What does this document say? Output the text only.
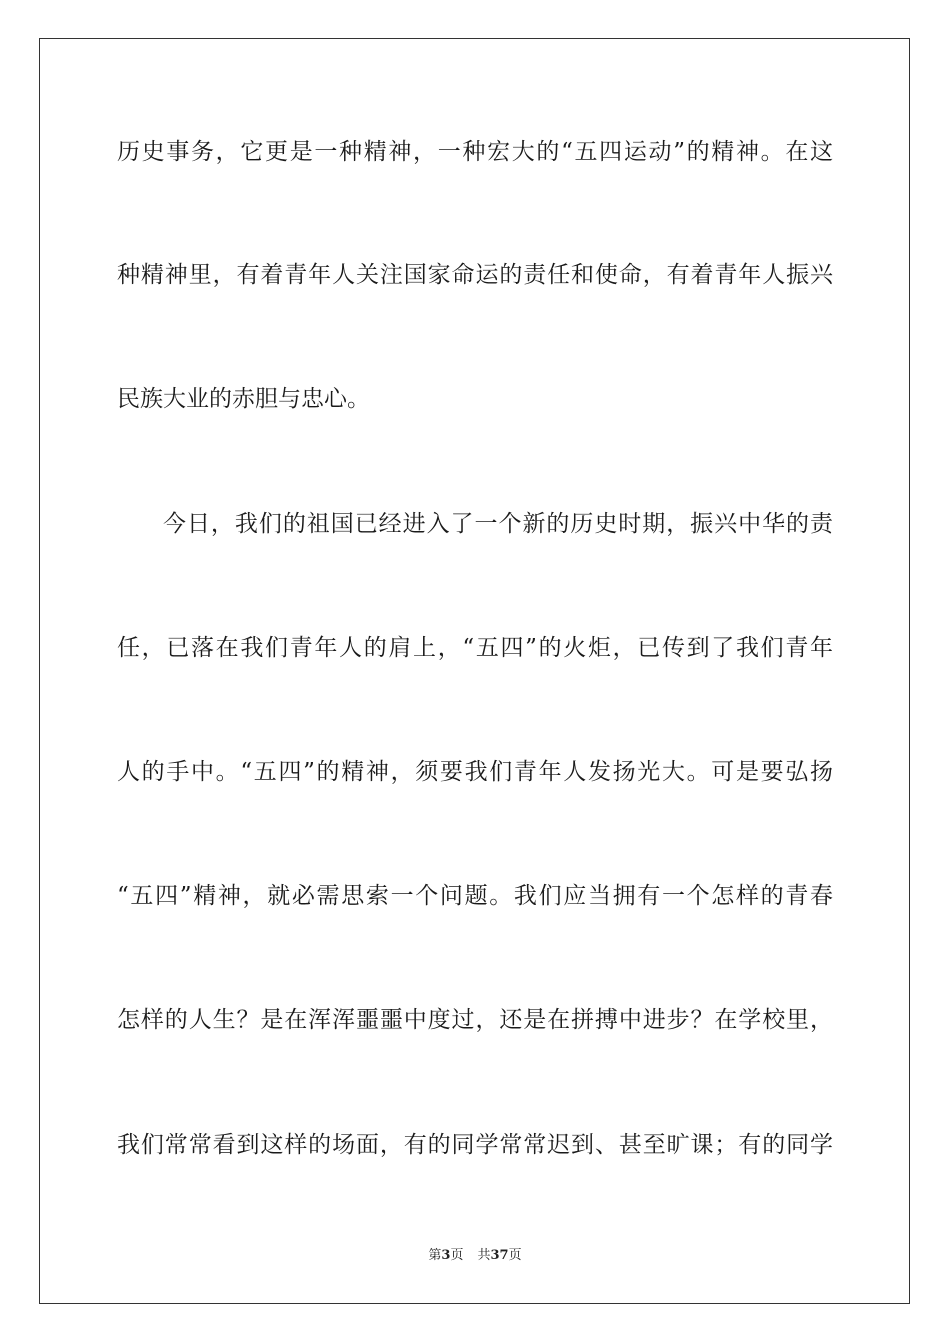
历史事务，它更是一种精神，一种宏大的“五四运动”的精神。在这
种精神里，有着青年人关注国家命运的责任和使命，有着青年人振兴
民族大业的赤胆与忠心。
今日，我们的祖国已经进入了一个新的历史时期，振兴中华的责
任，已落在我们青年人的肩上，“五四”的火炬，已传到了我们青年
人的手中。“五四”的精神，须要我们青年人发扬光大。可是要弘扬
“五四”精神，就必需思索一个问题。我们应当拥有一个怎样的青春
怎样的人生？是在浑浑噩噩中度过，还是在拼搏中进步？在学校里，
我们常常看到这样的场面，有的同学常常迟到、甚至旷课；有的同学
第3页 共37页
